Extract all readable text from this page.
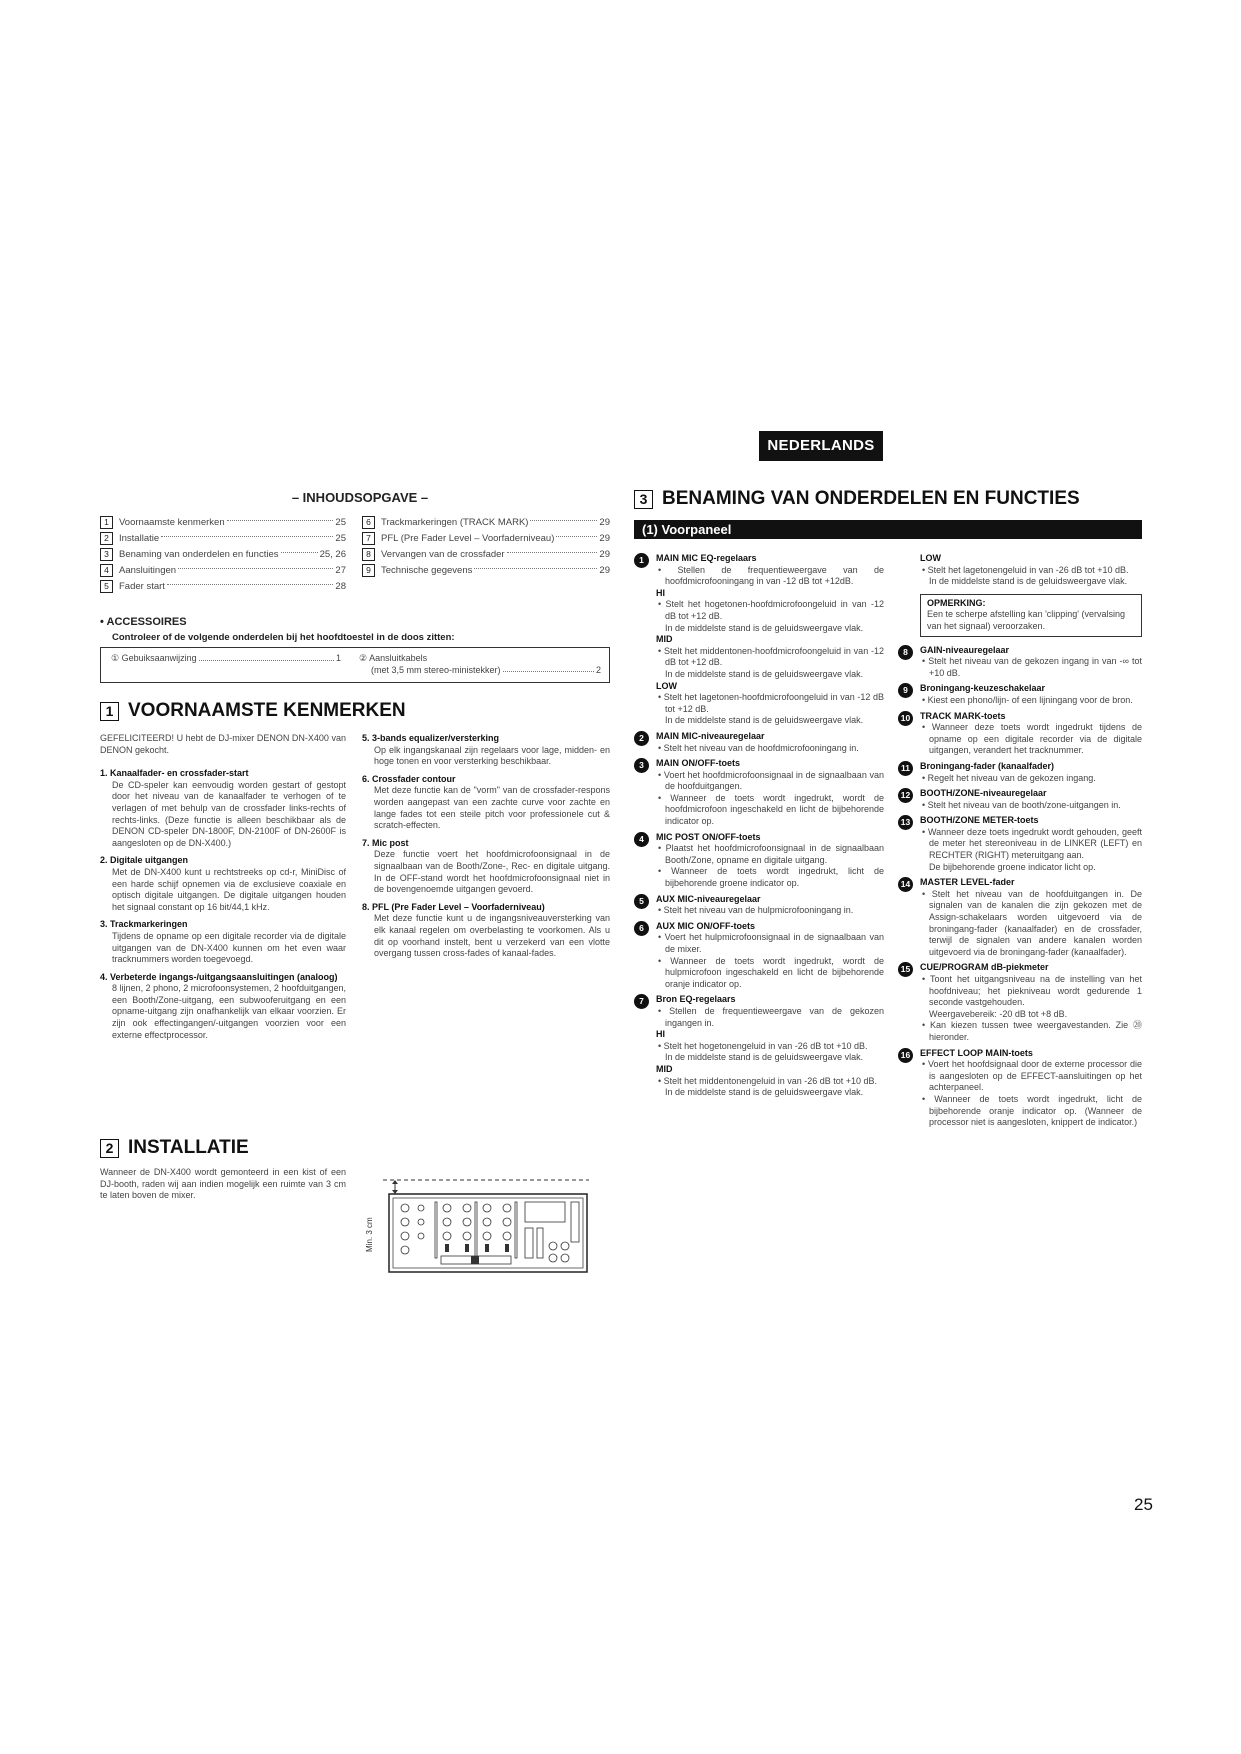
NEDERLANDS
– INHOUDSOPGAVE –
1	Voornaamste kenmerken	25
2	Installatie	25
3	Benaming van onderdelen en functies	25, 26
4	Aansluitingen	27
5	Fader start	28
6	Trackmarkeringen (TRACK MARK)	29
7	PFL (Pre Fader Level – Voorfaderniveau)	29
8	Vervangen van de crossfader	29
9	Technische gegevens	29
• ACCESSOIRES
Controleer of de volgende onderdelen bij het hoofdtoestel in de doos zitten:
① Gebuiksaanwijzing	1 ② Aansluitkabels
(met 3,5 mm stereo-ministekker)	2
1 VOORNAAMSTE KENMERKEN

GEFELICITEERD! U hebt de DJ-mixer DENON DN-X400 van DENON gekocht.

1. Kanaalfader- en crossfader-start

De CD-speler kan eenvoudig worden gestart of gestopt door het niveau van de kanaalfader te verhogen of te verlagen of met behulp van de crossfader links-rechts of rechts-links. (Deze functie is alleen beschikbaar als de DENON CD-speler DN-1800F, DN-2100F of DN-2600F is aangesloten op de DN-X400.)

2. Digitale uitgangen

Met de DN-X400 kunt u rechtstreeks op cd-r, MiniDisc of een harde schijf opnemen via de exclusieve coaxiale en optisch digitale uitgangen. De digitale uitgangen houden het signaal constant op 16 bit/44,1 kHz.

3. Trackmarkeringen

Tijdens de opname op een digitale recorder via de digitale uitgangen van de DN-X400 kunnen om het even waar tracknummers worden toegevoegd.

4. Verbeterde ingangs-/uitgangsaansluitingen (analoog)

8 lijnen, 2 phono, 2 microfoonsystemen, 2 hoofduitgangen, een Booth/Zone-uitgang, een subwooferuitgang en een opname-uitgang zijn onafhankelijk van elkaar voorzien. Er zijn ook effectingangen/-uitgangen voorzien voor een externe effectprocessor.

5. 3-bands equalizer/versterking

Op elk ingangskanaal zijn regelaars voor lage, midden- en hoge tonen en voor versterking beschikbaar.

6. Crossfader contour

Met deze functie kan de "vorm" van de crossfader-respons worden aangepast van een zachte curve voor zachte en lange fades tot een steile pitch voor professionele cut & scratch-effecten.

7. Mic post

Deze functie voert het hoofdmicrofoonsignaal in de signaalbaan van de Booth/Zone-, Rec- en digitale uitgang. In de OFF-stand wordt het hoofdmicrofoonsignaal niet in de bovengenoemde uitgangen gevoerd.

8. PFL (Pre Fader Level – Voorfaderniveau)

Met deze functie kunt u de ingangsniveauversterking van elk kanaal regelen om overbelasting te voorkomen. Als u dit op voorhand instelt, bent u verzekerd van een vlotte overgang tussen cross-fades of kanaal-fades.

2 INSTALLATIE

Wanneer de DN-X400 wordt gemonteerd in een kist of een DJ-booth, raden wij aan indien mogelijk een ruimte van 3 cm te laten boven de mixer.

Min. 3 cm
3 BENAMING VAN ONDERDELEN EN FUNCTIES
(1) Voorpaneel
1	MAIN MIC EQ-regelaars
• Stellen de frequentieweergave van de hoofdmicrofooningang in van -12 dB tot +12dB.
HI
• Stelt het hogetonen-hoofdmicrofoongeluid in van -12 dB tot +12 dB.
In de middelste stand is de geluidsweergave vlak.
MID
• Stelt het middentonen-hoofdmicrofoongeluid in van -12 dB tot +12 dB.
In de middelste stand is de geluidsweergave vlak.
LOW
• Stelt het lagetonen-hoofdmicrofoongeluid in van -12 dB tot +12 dB.
In de middelste stand is de geluidsweergave vlak.
2	MAIN MIC-niveauregelaar
• Stelt het niveau van de hoofdmicrofooningang in.
3	MAIN ON/OFF-toets
• Voert het hoofdmicrofoonsignaal in de signaalbaan van de hoofduitgangen.
• Wanneer de toets wordt ingedrukt, wordt de hoofdmicrofoon ingeschakeld en licht de bijbehorende indicator op.
4	MIC POST ON/OFF-toets
• Plaatst het hoofdmicrofoonsignaal in de signaalbaan Booth/Zone, opname en digitale uitgang.
• Wanneer de toets wordt ingedrukt, licht de bijbehorende groene indicator op.
5	AUX MIC-niveauregelaar
• Stelt het niveau van de hulpmicrofooningang in.
6	AUX MIC ON/OFF-toets
• Voert het hulpmicrofoonsignaal in de signaalbaan van de mixer.
• Wanneer de toets wordt ingedrukt, wordt de hulpmicrofoon ingeschakeld en licht de bijbehorende oranje indicator op.
7	Bron EQ-regelaars
• Stellen de frequentieweergave van de gekozen ingangen in.
HI
• Stelt het hogetonengeluid in van -26 dB tot +10 dB.
In de middelste stand is de geluidsweergave vlak.
MID
• Stelt het middentonengeluid in van -26 dB tot +10 dB.
In de middelste stand is de geluidsweergave vlak.
LOW
• Stelt het lagetonengeluid in van -26 dB tot +10 dB.
In de middelste stand is de geluidsweergave vlak.
OPMERKING:
Een te scherpe afstelling kan 'clipping' (vervalsing van het signaal) veroorzaken.
8	GAIN-niveauregelaar
• Stelt het niveau van de gekozen ingang in van -∞ tot +10 dB.
9	Broningang-keuzeschakelaar
• Kiest een phono/lijn- of een lijningang voor de bron.
10	TRACK MARK-toets
• Wanneer deze toets wordt ingedrukt tijdens de opname op een digitale recorder via de digitale uitgangen, verandert het tracknummer.
11	Broningang-fader (kanaalfader)
• Regelt het niveau van de gekozen ingang.
12	BOOTH/ZONE-niveauregelaar
• Stelt het niveau van de booth/zone-uitgangen in.
13	BOOTH/ZONE METER-toets
• Wanneer deze toets ingedrukt wordt gehouden, geeft de meter het stereoniveau in de LINKER (LEFT) en RECHTER (RIGHT) meteruitgang aan.
De bijbehorende groene indicator licht op.
14	MASTER LEVEL-fader
• Stelt het niveau van de hoofduitgangen in. De signalen van de kanalen die zijn gekozen met de Assign-schakelaars worden uitgevoerd via de broningang-fader (kanaalfader) en de crossfader, terwijl de signalen van andere kanalen worden uitgevoerd via de broningang-fader (kanaalfader).
15	CUE/PROGRAM dB-piekmeter
• Toont het uitgangsniveau na de instelling van het hoofdniveau; het piekniveau wordt gedurende 1 seconde vastgehouden.
Weergavebereik: -20 dB tot +8 dB.
• Kan kiezen tussen twee weergavestanden. Zie ⑳ hieronder.
16	EFFECT LOOP MAIN-toets
• Voert het hoofdsignaal door de externe processor die is aangesloten op de EFFECT-aansluitingen op het achterpaneel.
• Wanneer de toets wordt ingedrukt, licht de bijbehorende oranje indicator op. (Wanneer de processor niet is aangesloten, knippert de indicator.)
25
